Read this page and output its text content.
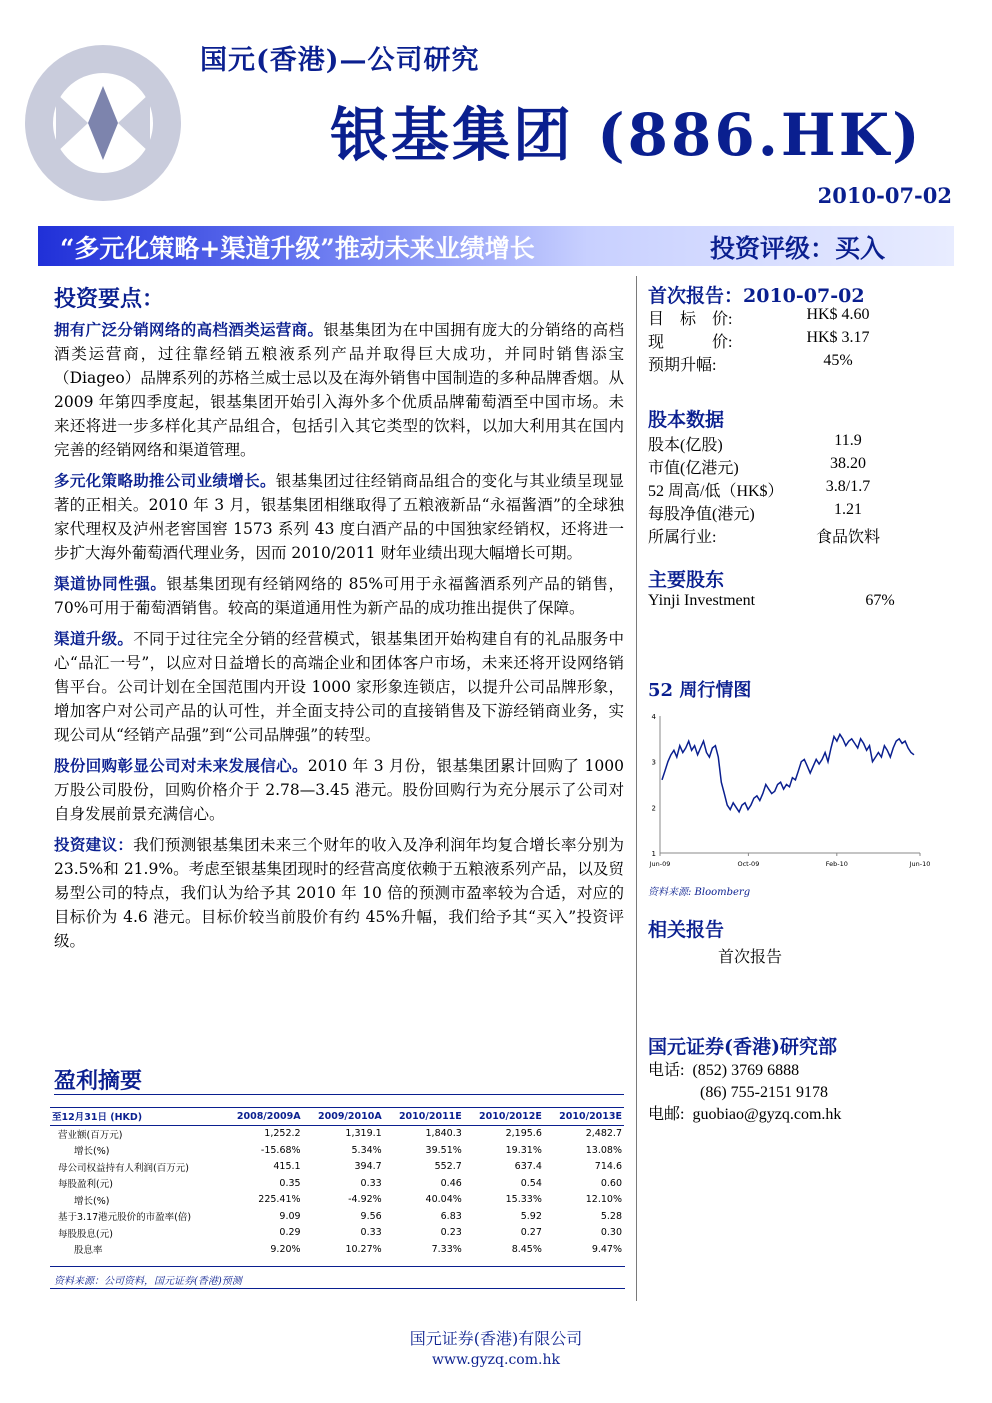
国元(香港)—公司研究
银基集团 (886.HK)
2010-07-02
“多元化策略+渠道升级”推动未来业绩增长	投资评级：买入
投资要点：

拥有广泛分销网络的高档酒类运营商。银基集团为在中国拥有庞大的分销络的高档酒类运营商，过往靠经销五粮液系列产品并取得巨大成功，并同时销售添宝（Diageo）品牌系列的苏格兰威士忌以及在海外销售中国制造的多种品牌香烟。从 2009 年第四季度起，银基集团开始引入海外多个优质品牌葡萄酒至中国市场。未来还将进一步多样化其产品组合，包括引入其它类型的饮料，以加大利用其在国内完善的经销网络和渠道管理。

多元化策略助推公司业绩增长。银基集团过往经销商品组合的变化与其业绩呈现显著的正相关。2010 年 3 月，银基集团相继取得了五粮液新品“永福酱酒”的全球独家代理权及泸州老窖国窖 1573 系列 43 度白酒产品的中国独家经销权，还将进一步扩大海外葡萄酒代理业务，因而 2010/2011 财年业绩出现大幅增长可期。

渠道协同性强。银基集团现有经销网络的 85%可用于永福酱酒系列产品的销售，70%可用于葡萄酒销售。较高的渠道通用性为新产品的成功推出提供了保障。

渠道升级。不同于过往完全分销的经营模式，银基集团开始构建自有的礼品服务中心“品汇一号”，以应对日益增长的高端企业和团体客户市场，未来还将开设网络销售平台。公司计划在全国范围内开设 1000 家形象连锁店，以提升公司品牌形象，增加客户对公司产品的认可性，并全面支持公司的直接销售及下游经销商业务，实现公司从“经销产品强”到“公司品牌强”的转型。

股份回购彰显公司对未来发展信心。2010 年 3 月份，银基集团累计回购了 1000 万股公司股份，回购价格介于 2.78—3.45 港元。股份回购行为充分展示了公司对自身发展前景充满信心。

投资建议：我们预测银基集团未来三个财年的收入及净利润年均复合增长率分别为 23.5%和 21.9%。考虑至银基集团现时的经营高度依赖于五粮液系列产品，以及贸易型公司的特点，我们认为给予其 2010 年 10 倍的预测市盈率较为合适，对应的目标价为 4.6 港元。目标价较当前股价有约 45%升幅，我们给予其“买入”投资评级。

首次报告：2010-07-02
目　标　价:	HK$ 4.60
现　　　价:	HK$ 3.17
预期升幅:	45%
股本数据
股本(亿股)	11.9
市值(亿港元)	38.20
52 周高/低（HK$）	3.8/1.7
每股净值(港元)	1.21
所属行业:	食品饮料
主要股东
Yinji Investment	67%
52 周行情图
1
2
3
4
Jun-09	Oct-09	Feb-10	Jun-10
资料来源: Bloomberg
相关报告
首次报告
国元证券(香港)研究部
电话: (852) 3769 6888
(86) 755-2151 9178
电邮: guobiao@gyzq.com.hk
盈利摘要
至12月31日 (HKD)	2008/2009A	2009/2010A	2010/2011E	2010/2012E	2010/2013E
营业额(百万元)	1,252.2	1,319.1	1,840.3	2,195.6	2,482.7
增长(%)	-15.68%	5.34%	39.51%	19.31%	13.08%
母公司权益持有人利润(百万元)	415.1	394.7	552.7	637.4	714.6
每股盈利(元)	0.35	0.33	0.46	0.54	0.60
增长(%)	225.41%	-4.92%	40.04%	15.33%	12.10%
基于3.17港元股价的市盈率(倍)	9.09	9.56	6.83	5.92	5.28
每股股息(元)	0.29	0.33	0.23	0.27	0.30
股息率	9.20%	10.27%	7.33%	8.45%	9.47%
资料来源：公司资料，国元证券(香港)预测
国元证券(香港)有限公司
www.gyzq.com.hk
